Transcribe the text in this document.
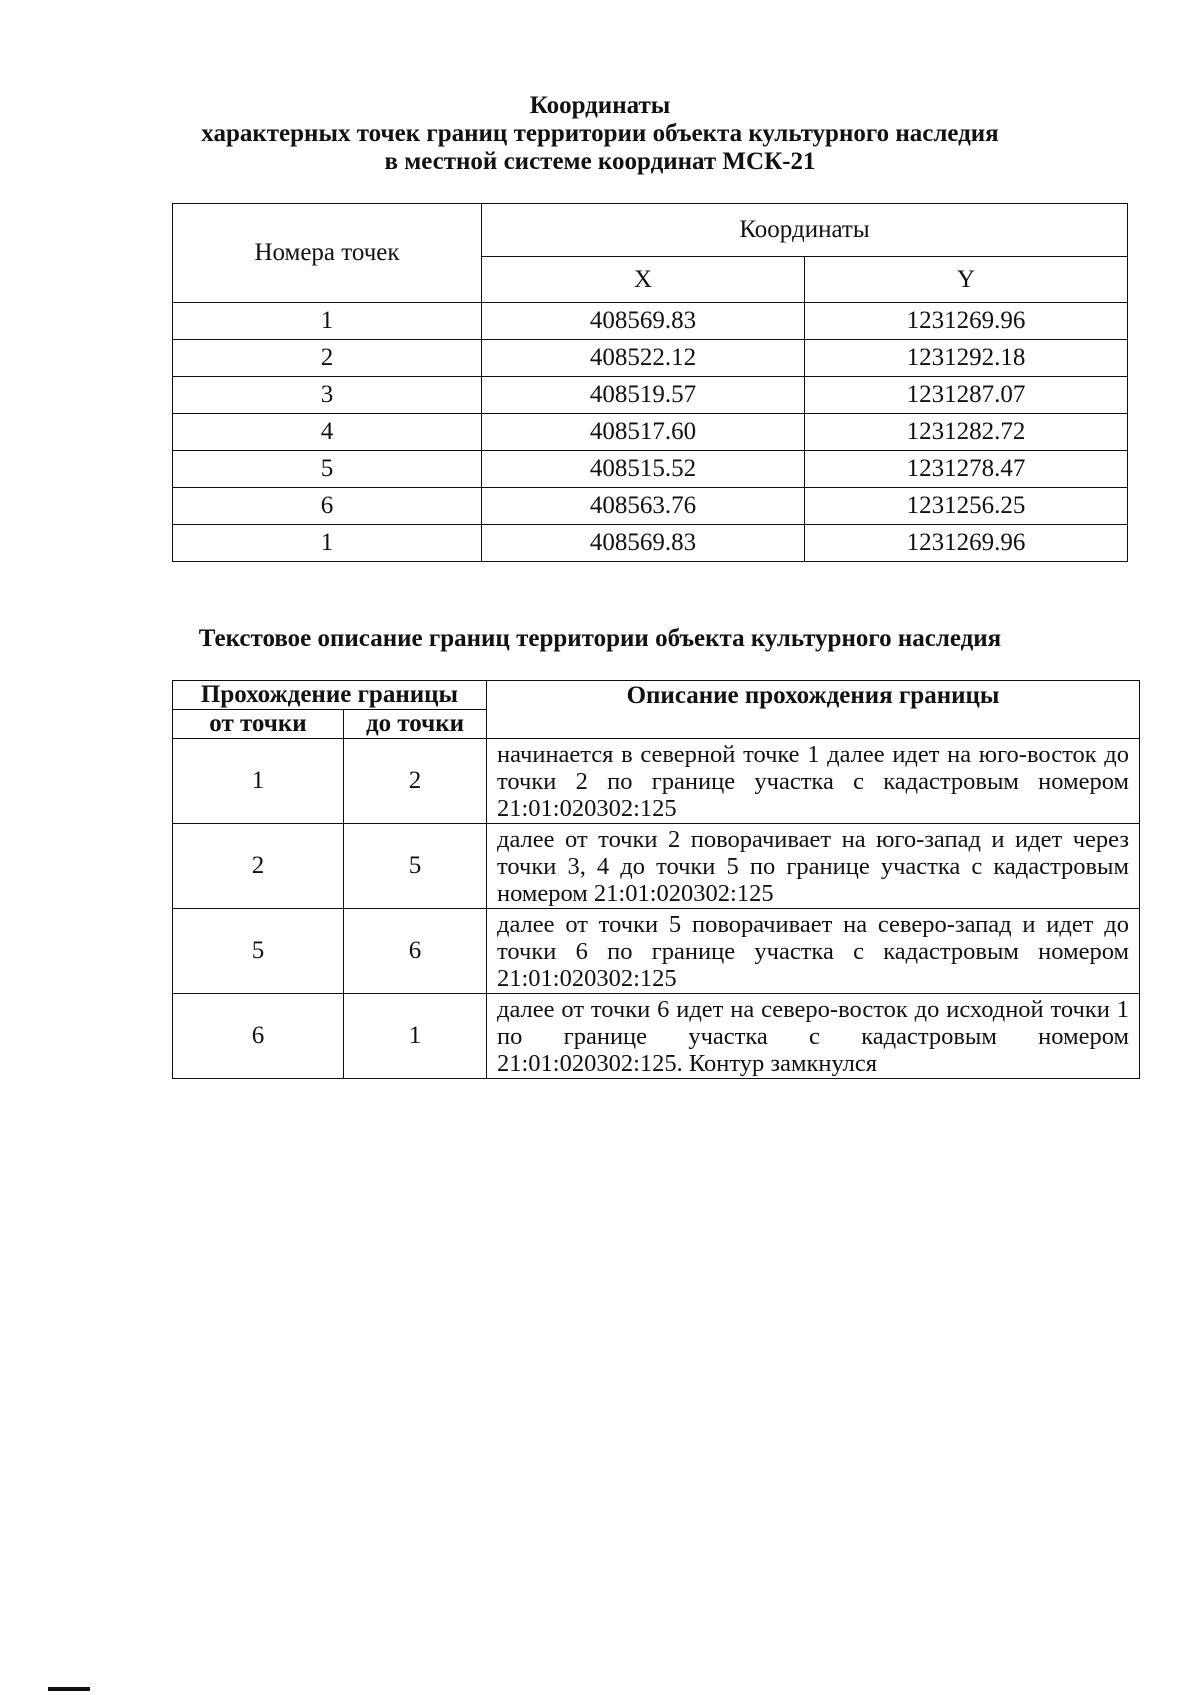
Координаты
характерных точек границ территории объекта культурного наследия
в местной системе координат МСК-21
Номера точек	Координаты	
	X	Y
1	408569.83	1231269.96
2	408522.12	1231292.18
3	408519.57	1231287.07
4	408517.60	1231282.72
5	408515.52	1231278.47
6	408563.76	1231256.25
1	408569.83	1231269.96
Текстовое описание границ территории объекта культурного наследия
Прохождение границы		Описание прохождения границы
от точки	до точки	
1	2	начинается в северной точке 1 далее идет на юго-восток до точки 2 по границе участка с кадастровым номером 21:01:020302:125
2	5	далее от точки 2 поворачивает на юго-запад и идет через точки 3, 4 до точки 5 по границе участка с кадастровым номером 21:01:020302:125
5	6	далее от точки 5 поворачивает на северо-запад и идет до точки 6 по границе участка с кадастровым номером 21:01:020302:125
6	1	далее от точки 6 идет на северо-восток до исходной точки 1 по границе участка с кадастровым номером 21:01:020302:125. Контур замкнулся
